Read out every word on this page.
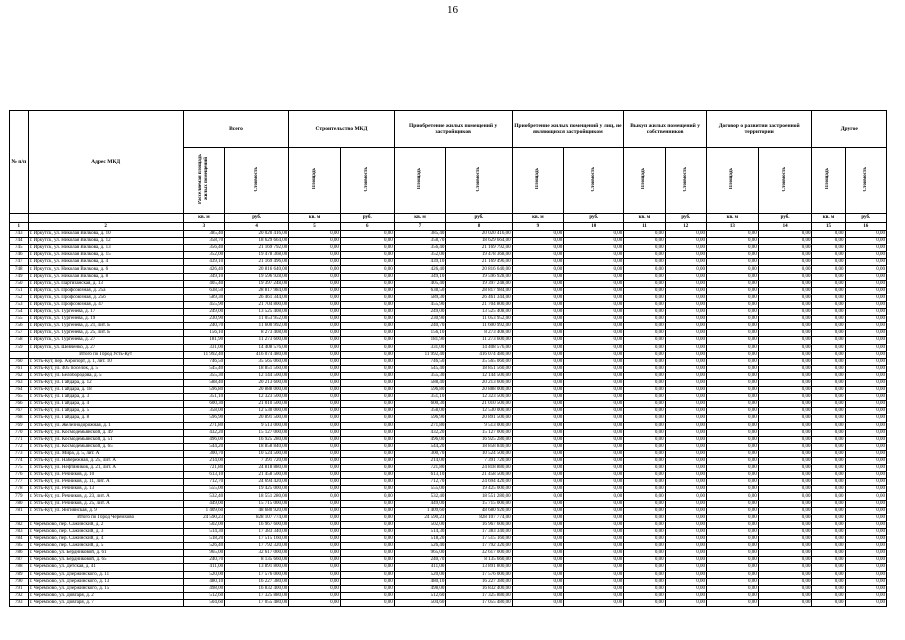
16
№ п/п	Адрес МКД	Всего		Строительство МКД		Приобретение жилых помещений у застройщиков		Приобретение жилых помещений у лиц, не являющихся застройщиком		Выкуп жилых помещений у собственников		Договор о развитии застроенной территории		Другое	
		Расселяемая площадь жилых помещений	Стоимость	Площадь	Стоимость	Площадь	Стоимость	Площадь	Стоимость	Площадь	Стоимость	Площадь	Стоимость	Площадь	Стоимость
		кв. м	руб.	кв. м	руб.	кв. м	руб.	кв. м	руб.	кв. м	руб.	кв. м	руб.	кв. м	руб.
1	2	3	4	5	6	7	8	9	10	11	12	13	14	15	16
743	г. Иркутск, ул. Николая Вилкова, д. 10	385,40	20 020 416,00	0,00	0,00	385,40	20 020 416,00	0,00	0,00	0,00	0,00	0,00	0,00	0,00	0,00
744	г. Иркутск, ул. Николая Вилкова, д. 12	358,70	18 629 664,00	0,00	0,00	358,70	18 629 664,00	0,00	0,00	0,00	0,00	0,00	0,00	0,00	0,00
745	г. Иркутск, ул. Николая Вилкова, д. 13	356,40	21 169 792,00	0,00	0,00	356,40	21 169 792,00	0,00	0,00	0,00	0,00	0,00	0,00	0,00	0,00
746	г. Иркутск, ул. Николая Вилкова, д. 15	352,00	19 478 368,00	0,00	0,00	352,00	19 478 368,00	0,00	0,00	0,00	0,00	0,00	0,00	0,00	0,00
747	г. Иркутск, ул. Николая Вилкова, д. 4	439,10	21 169 496,00	0,00	0,00	439,10	21 169 496,00	0,00	0,00	0,00	0,00	0,00	0,00	0,00	0,00
748	г. Иркутск, ул. Николая Вилкова, д. 6	426,40	20 816 640,00	0,00	0,00	426,40	20 816 640,00	0,00	0,00	0,00	0,00	0,00	0,00	0,00	0,00
749	г. Иркутск, ул. Николая Вилкова, д. 8	349,10	19 596 928,00	0,00	0,00	349,10	19 596 928,00	0,00	0,00	0,00	0,00	0,00	0,00	0,00	0,00
750	г. Иркутск, ул. Партизанская, д. 13	405,40	19 397 248,00	0,00	0,00	405,40	19 397 248,00	0,00	0,00	0,00	0,00	0,00	0,00	0,00	0,00
751	г. Иркутск, ул. Профсоюзная, д. 25а	638,50	28 817 984,00	0,00	0,00	638,50	28 817 984,00	0,00	0,00	0,00	0,00	0,00	0,00	0,00	0,00
752	г. Иркутск, ул. Профсоюзная, д. 25б	589,30	26 461 344,00	0,00	0,00	589,30	26 461 344,00	0,00	0,00	0,00	0,00	0,00	0,00	0,00	0,00
753	г. Иркутск, ул. Профсоюзная, д. 47	455,90	21 704 800,00	0,00	0,00	455,90	21 704 800,00	0,00	0,00	0,00	0,00	0,00	0,00	0,00	0,00
754	г. Иркутск, ул. Тургенева, д. 17	249,00	13 525 408,00	0,00	0,00	249,00	13 525 408,00	0,00	0,00	0,00	0,00	0,00	0,00	0,00	0,00
755	г. Иркутск, ул. Тургенева, д. 19	230,90	11 053 952,00	0,00	0,00	230,90	11 053 952,00	0,00	0,00	0,00	0,00	0,00	0,00	0,00	0,00
756	г. Иркутск, ул. Тургенева, д. 21, лит. Б	240,70	11 600 992,00	0,00	0,00	240,70	11 600 992,00	0,00	0,00	0,00	0,00	0,00	0,00	0,00	0,00
757	г. Иркутск, ул. Тургенева, д. 25, лит. Б	156,10	8 273 408,00	0,00	0,00	156,10	8 273 408,00	0,00	0,00	0,00	0,00	0,00	0,00	0,00	0,00
758	г. Иркутск, ул. Тургенева, д. 27	181,90	11 273 600,00	0,00	0,00	181,90	11 273 600,00	0,00	0,00	0,00	0,00	0,00	0,00	0,00	0,00
759	г. Иркутск, ул. Шевченко, д. 27	331,00	14 408 576,00	0,00	0,00	331,00	14 408 576,00	0,00	0,00	0,00	0,00	0,00	0,00	0,00	0,00
	Итого по Город Усть-Кут	11 992,40	416 074 480,00	0,00	0,00	11 992,40	416 074 480,00	0,00	0,00	0,00	0,00	0,00	0,00	0,00	0,00
760	г. Усть-Кут, пер. Аэропорт, д. 1, лит. 10	746,50	35 565 060,00	0,00	0,00	746,50	35 565 060,00	0,00	0,00	0,00	0,00	0,00	0,00	0,00	0,00
761	г. Усть-Кут, ул. 405 поселок, д. 5	545,40	18 851 560,00	0,00	0,00	545,40	18 851 560,00	0,00	0,00	0,00	0,00	0,00	0,00	0,00	0,00
762	г. Усть-Кут, ул. Белобородова, д. 5	355,30	12 144 500,00	0,00	0,00	355,30	12 144 500,00	0,00	0,00	0,00	0,00	0,00	0,00	0,00	0,00
763	г. Усть-Кут, ул. Гайдара, д. 12	588,40	20 213 600,00	0,00	0,00	588,40	20 213 600,00	0,00	0,00	0,00	0,00	0,00	0,00	0,00	0,00
764	г. Усть-Кут, ул. Гайдара, д. 18	596,80	20 888 000,00	0,00	0,00	596,80	20 888 000,00	0,00	0,00	0,00	0,00	0,00	0,00	0,00	0,00
765	г. Усть-Кут, ул. Гайдара, д. 3	351,10	12 323 500,00	0,00	0,00	351,10	12 323 500,00	0,00	0,00	0,00	0,00	0,00	0,00	0,00	0,00
766	г. Усть-Кут, ул. Гайдара, д. 4	600,30	21 010 500,00	0,00	0,00	600,30	21 010 500,00	0,00	0,00	0,00	0,00	0,00	0,00	0,00	0,00
767	г. Усть-Кут, ул. Гайдара, д. 5	358,00	12 530 000,00	0,00	0,00	358,00	12 530 000,00	0,00	0,00	0,00	0,00	0,00	0,00	0,00	0,00
768	г. Усть-Кут, ул. Гайдара, д. 8	596,90	20 891 500,00	0,00	0,00	596,90	20 891 500,00	0,00	0,00	0,00	0,00	0,00	0,00	0,00	0,00
769	г. Усть-Кут, ул. Железнодорожная, д. 1	271,80	9 513 000,00	0,00	0,00	271,80	9 513 000,00	0,00	0,00	0,00	0,00	0,00	0,00	0,00	0,00
770	г. Усть-Кут, ул. Космодемьянской, д. 49	432,20	15 127 000,00	0,00	0,00	432,20	15 127 000,00	0,00	0,00	0,00	0,00	0,00	0,00	0,00	0,00
771	г. Усть-Кут, ул. Космодемьянской, д. 51	496,00	16 925 280,00	0,00	0,00	496,00	16 925 280,00	0,00	0,00	0,00	0,00	0,00	0,00	0,00	0,00
772	г. Усть-Кут, ул. Космодемьянской, д. 65	544,20	18 858 840,00	0,00	0,00	544,20	18 858 840,00	0,00	0,00	0,00	0,00	0,00	0,00	0,00	0,00
773	г. Усть-Кут, ул. Мира, д. 5, лит. А	300,70	10 524 500,00	0,00	0,00	300,70	10 524 500,00	0,00	0,00	0,00	0,00	0,00	0,00	0,00	0,00
774	г. Усть-Кут, ул. Набережная, д. 25, лит. А	214,00	7 391 720,00	0,00	0,00	214,00	7 391 720,00	0,00	0,00	0,00	0,00	0,00	0,00	0,00	0,00
775	г. Усть-Кут, ул. Нефтяников, д. 21, лит. А	721,80	24 818 880,00	0,00	0,00	721,80	24 818 880,00	0,00	0,00	0,00	0,00	0,00	0,00	0,00	0,00
776	г. Усть-Кут, ул. Речников, д. 10	613,10	21 458 500,00	0,00	0,00	613,10	21 458 500,00	0,00	0,00	0,00	0,00	0,00	0,00	0,00	0,00
777	г. Усть-Кут, ул. Речников, д. 11, лит. А	712,70	24 694 420,00	0,00	0,00	712,70	24 694 420,00	0,00	0,00	0,00	0,00	0,00	0,00	0,00	0,00
778	г. Усть-Кут, ул. Речников, д. 13	555,00	19 425 000,00	0,00	0,00	555,00	19 425 000,00	0,00	0,00	0,00	0,00	0,00	0,00	0,00	0,00
779	г. Усть-Кут, ул. Речников, д. 23, лит. А	532,40	18 551 280,00	0,00	0,00	532,40	18 551 280,00	0,00	0,00	0,00	0,00	0,00	0,00	0,00	0,00
780	г. Усть-Кут, ул. Речников, д. 25, лит. А	449,00	15 715 000,00	0,00	0,00	449,00	15 715 000,00	0,00	0,00	0,00	0,00	0,00	0,00	0,00	0,00
781	г. Усть-Кут, ул. Янгиянская, д. 9	1 409,60	48 680 920,00	0,00	0,00	1 409,60	48 680 920,00	0,00	0,00	0,00	0,00	0,00	0,00	0,00	0,00
	Итого по Город Черемхово	24 590,23	828 107 774,00	0,00	0,00	24 590,23	828 107 774,00	0,00	0,00	0,00	0,00	0,00	0,00	0,00	0,00
782	г. Черемхово, пер. Сажинский, д. 2	502,00	16 967 600,00	0,00	0,00	502,00	16 967 600,00	0,00	0,00	0,00	0,00	0,00	0,00	0,00	0,00
783	г. Черемхово, пер. Сажинский, д. 3	514,30	17 383 340,00	0,00	0,00	514,30	17 383 340,00	0,00	0,00	0,00	0,00	0,00	0,00	0,00	0,00
784	г. Черемхово, пер. Сажинский, д. 4	518,20	17 515 160,00	0,00	0,00	518,20	17 515 160,00	0,00	0,00	0,00	0,00	0,00	0,00	0,00	0,00
785	г. Черемхово, пер. Сажинский, д. 5	526,40	17 792 320,00	0,00	0,00	526,40	17 792 320,00	0,00	0,00	0,00	0,00	0,00	0,00	0,00	0,00
786	г. Черемхово, ул. Бердниковой, д. 61	965,00	32 617 000,00	0,00	0,00	965,00	32 617 000,00	0,00	0,00	0,00	0,00	0,00	0,00	0,00	0,00
787	г. Черемхово, ул. Бердниковой, д. 65	240,70	8 135 660,00	0,00	0,00	240,70	8 135 660,00	0,00	0,00	0,00	0,00	0,00	0,00	0,00	0,00
788	г. Черемхово, ул. Детская, д. 41	411,00	13 891 800,00	0,00	0,00	411,00	13 891 800,00	0,00	0,00	0,00	0,00	0,00	0,00	0,00	0,00
789	г. Черемхово, ул. Дзержинского, д. 11	520,00	17 576 000,00	0,00	0,00	520,00	17 576 000,00	0,00	0,00	0,00	0,00	0,00	0,00	0,00	0,00
790	г. Черемхово, ул. Дзержинского, д. 13	480,10	16 227 380,00	0,00	0,00	480,10	16 227 380,00	0,00	0,00	0,00	0,00	0,00	0,00	0,00	0,00
791	г. Черемхово, ул. Дзержинского, д. 15	498,00	16 832 400,00	0,00	0,00	498,00	16 832 400,00	0,00	0,00	0,00	0,00	0,00	0,00	0,00	0,00
792	г. Черемхово, ул. Довгаря, д. 2	512,60	17 325 880,00	0,00	0,00	512,60	17 325 880,00	0,00	0,00	0,00	0,00	0,00	0,00	0,00	0,00
793	г. Черемхово, ул. Довгаря, д. 7	504,60	17 055 480,00	0,00	0,00	504,60	17 055 480,00	0,00	0,00	0,00	0,00	0,00	0,00	0,00	0,00
